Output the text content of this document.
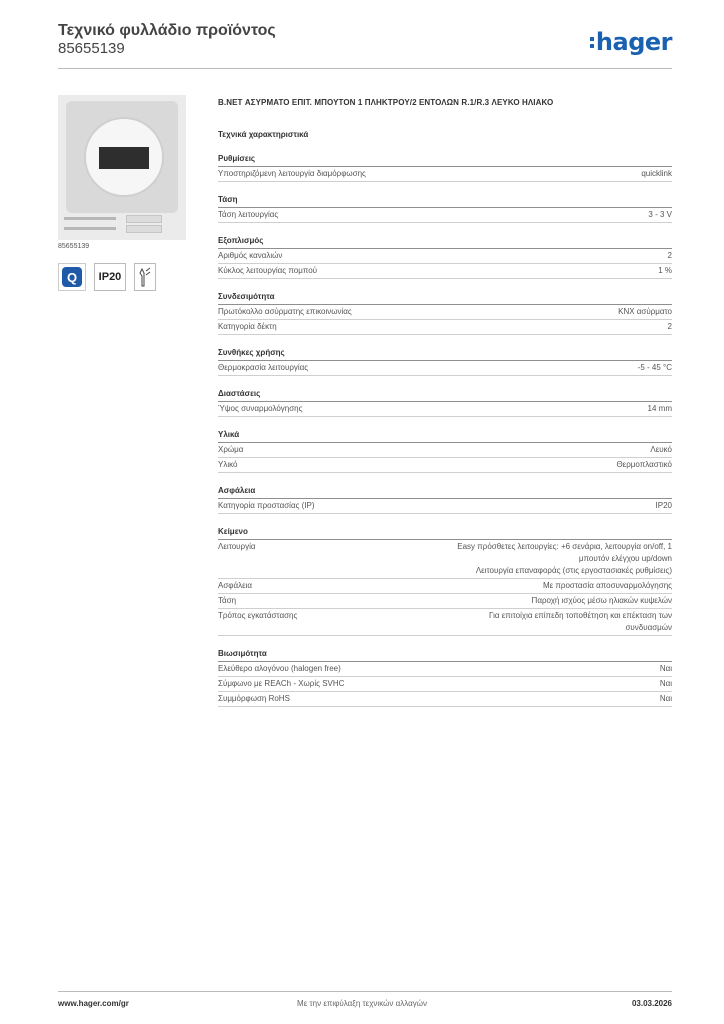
Τεχνικό φυλλάδιο προϊόντος
85655139	hager
85655139
Q	IP20
B.NET ΑΣΥΡΜΑΤΟ ΕΠΙΤ. ΜΠΟΥΤΟΝ 1 ΠΛΗΚΤΡΟΥ/2 ΕΝΤΟΛΩΝ R.1/R.3 ΛΕΥΚΟ ΗΛΙΑΚΟ
Τεχνικά χαρακτηριστικά
Ρυθμίσεις
Υποστηριζόμενη λειτουργία διαμόρφωσης	quicklink
Τάση
Τάση λειτουργίας	3 - 3 V
Εξοπλισμός
Αριθμός καναλιών	2
Κύκλος λειτουργίας πομπού	1 %
Συνδεσιμότητα
Πρωτόκολλο ασύρματης επικοινωνίας	KNX ασύρματο
Κατηγορία δέκτη	2
Συνθήκες χρήσης
Θερμοκρασία λειτουργίας	-5 - 45 °C
Διαστάσεις
Ύψος συναρμολόγησης	14 mm
Υλικά
Χρώμα	Λευκό
Υλικό	Θερμοπλαστικό
Ασφάλεια
Κατηγορία προστασίας (IP)	IP20
Κείμενο
Λειτουργία	Easy πρόσθετες λειτουργίες: +6 σενάρια, λειτουργία on/off, 1
μπουτόν ελέγχου up/down
Λειτουργία επαναφοράς (στις εργοστασιακές ρυθμίσεις)
Ασφάλεια	Με προστασία αποσυναρμολόγησης
Τάση	Παροχή ισχύος μέσω ηλιακών κυψελών
Τρόπος εγκατάστασης	Για επιτοίχια επίπεδη τοποθέτηση και επέκταση των
συνδυασμών
Βιωσιμότητα
Ελεύθερο αλογόνου (halogen free)	Ναι
Σύμφωνο με REACh - Χωρίς SVHC	Ναι
Συμμόρφωση RoHS	Ναι
www.hager.com/gr	Με την επιφύλαξη τεχνικών αλλαγών	03.03.2026
